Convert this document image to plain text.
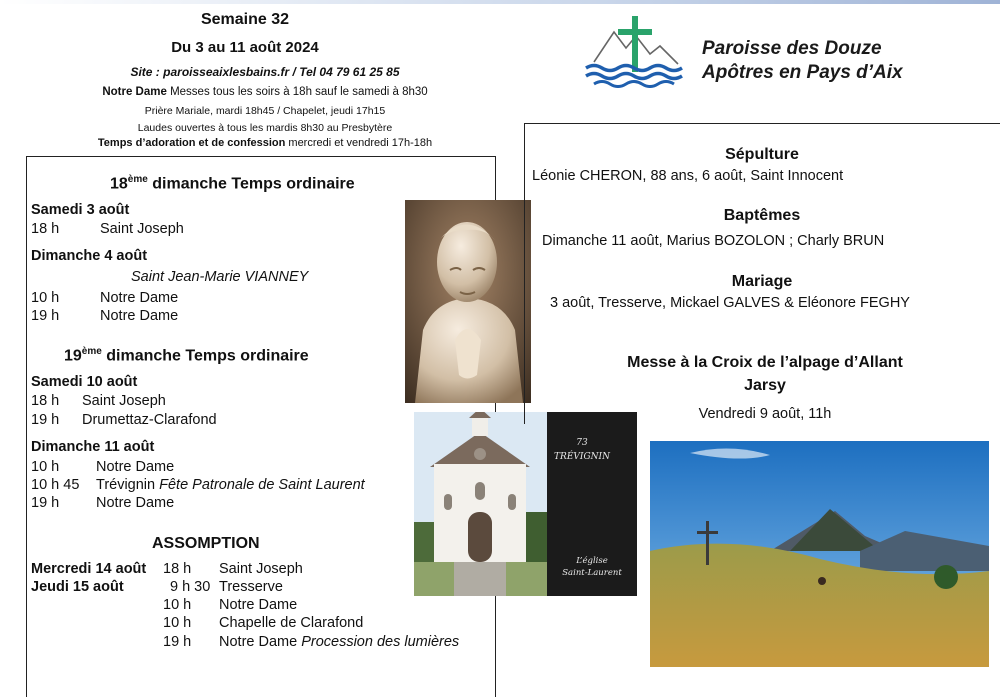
Semaine 32
Du 3 au 11 août 2024
Site : paroisseaixlesbains.fr / Tel 04 79 61 25 85
Notre Dame Messes tous les soirs à 18h sauf le samedi à 8h30
Prière Mariale, mardi 18h45 / Chapelet, jeudi 17h15
Laudes ouvertes à tous les mardis 8h30 au Presbytère
Temps d’adoration et de confession mercredi et vendredi 17h-18h
Paroisse des Douze
Apôtres en Pays d’Aix
18ème dimanche Temps ordinaire
Samedi 3 août
18 h	Saint Joseph
Dimanche 4 août
Saint Jean-Marie VIANNEY
10 h	Notre Dame
19 h	Notre Dame
19ème dimanche Temps ordinaire
Samedi 10 août
18 h Saint Joseph
19 h Drumettaz-Clarafond
Dimanche 11 août
10 h	Notre Dame
10 h 45 Trévignin Fête Patronale de Saint Laurent
19 h	Notre Dame
ASSOMPTION
Mercredi 14 août 18 h Saint Joseph
Jeudi 15 août	9 h 30 Tresserve
10 h Notre Dame
10 h Chapelle de Clarafond
19 h Notre Dame Procession des lumières
73
TRÉVIGNIN
L’église
Saint-Laurent
Sépulture
Léonie CHERON, 88 ans, 6 août, Saint Innocent
Baptêmes
Dimanche 11 août, Marius BOZOLON ; Charly BRUN
Mariage
3 août, Tresserve, Mickael GALVES & Eléonore FEGHY
Messe à la Croix de l’alpage d’Allant
Jarsy
Vendredi 9 août, 11h
